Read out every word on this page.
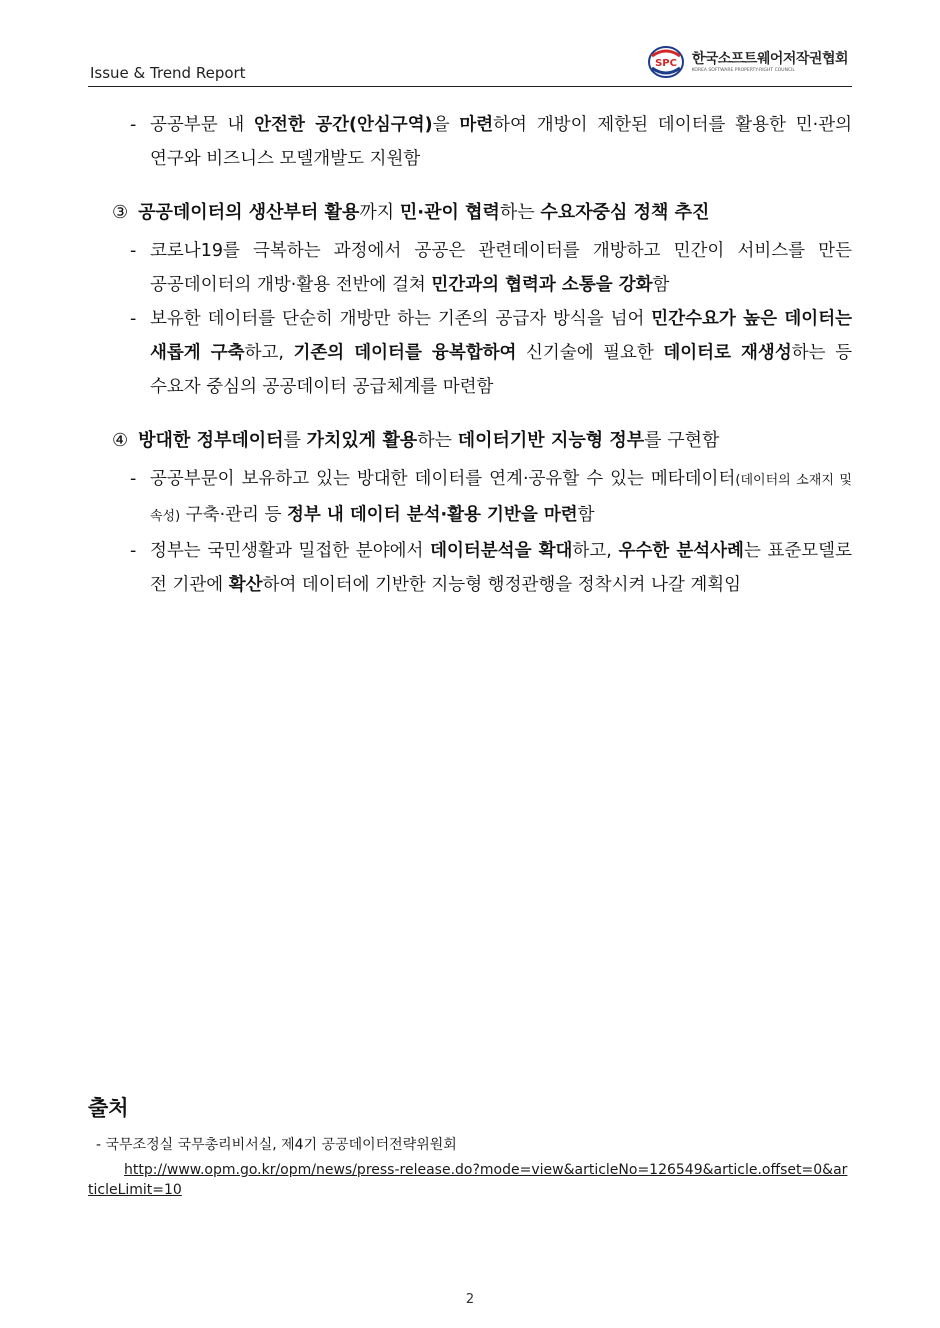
Issue & Trend Report
SPC 한국소프트웨어저작권협회
KOREA SOFTWARE PROPERTY-RIGHT COUNCIL
- 공공부문 내 안전한 공간(안심구역)을 마련하여 개방이 제한된 데이터를 활용한 민·관의 연구와 비즈니스 모델개발도 지원함
③ 공공데이터의 생산부터 활용까지 민·관이 협력하는 수요자중심 정책 추진
- 코로나19를 극복하는 과정에서 공공은 관련데이터를 개방하고 민간이 서비스를 만든 공공데이터의 개방·활용 전반에 걸쳐 민간과의 협력과 소통을 강화함
- 보유한 데이터를 단순히 개방만 하는 기존의 공급자 방식을 넘어 민간수요가 높은 데이터는 새롭게 구축하고, 기존의 데이터를 융복합하여 신기술에 필요한 데이터로 재생성하는 등 수요자 중심의 공공데이터 공급체계를 마련함
④ 방대한 정부데이터를 가치있게 활용하는 데이터기반 지능형 정부를 구현함
- 공공부문이 보유하고 있는 방대한 데이터를 연계·공유할 수 있는 메타데이터(데이터의 소재지 및 속성) 구축·관리 등 정부 내 데이터 분석·활용 기반을 마련함
- 정부는 국민생활과 밀접한 분야에서 데이터분석을 확대하고, 우수한 분석사례는 표준모델로 전 기관에 확산하여 데이터에 기반한 지능형 행정관행을 정착시켜 나갈 계획임
출처
- 국무조정실 국무총리비서실, 제4기 공공데이터전략위원회
http://www.opm.go.kr/opm/news/press-release.do?mode=view&articleNo=126549&article.offset=0&articleLimit=10
2
